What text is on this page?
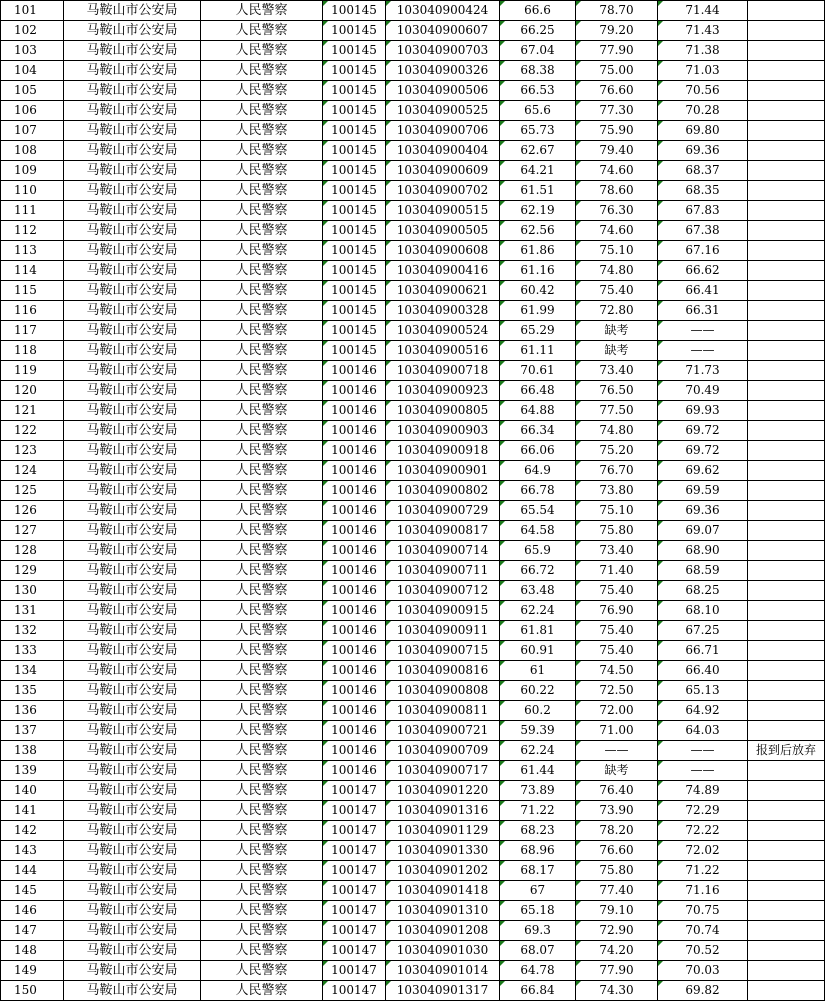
101	马鞍山市公安局	人民警察	100145	103040900424	66.6	78.70	71.44	
102	马鞍山市公安局	人民警察	100145	103040900607	66.25	79.20	71.43	
103	马鞍山市公安局	人民警察	100145	103040900703	67.04	77.90	71.38	
104	马鞍山市公安局	人民警察	100145	103040900326	68.38	75.00	71.03	
105	马鞍山市公安局	人民警察	100145	103040900506	66.53	76.60	70.56	
106	马鞍山市公安局	人民警察	100145	103040900525	65.6	77.30	70.28	
107	马鞍山市公安局	人民警察	100145	103040900706	65.73	75.90	69.80	
108	马鞍山市公安局	人民警察	100145	103040900404	62.67	79.40	69.36	
109	马鞍山市公安局	人民警察	100145	103040900609	64.21	74.60	68.37	
110	马鞍山市公安局	人民警察	100145	103040900702	61.51	78.60	68.35	
111	马鞍山市公安局	人民警察	100145	103040900515	62.19	76.30	67.83	
112	马鞍山市公安局	人民警察	100145	103040900505	62.56	74.60	67.38	
113	马鞍山市公安局	人民警察	100145	103040900608	61.86	75.10	67.16	
114	马鞍山市公安局	人民警察	100145	103040900416	61.16	74.80	66.62	
115	马鞍山市公安局	人民警察	100145	103040900621	60.42	75.40	66.41	
116	马鞍山市公安局	人民警察	100145	103040900328	61.99	72.80	66.31	
117	马鞍山市公安局	人民警察	100145	103040900524	65.29	缺考	——	
118	马鞍山市公安局	人民警察	100145	103040900516	61.11	缺考	——	
119	马鞍山市公安局	人民警察	100146	103040900718	70.61	73.40	71.73	
120	马鞍山市公安局	人民警察	100146	103040900923	66.48	76.50	70.49	
121	马鞍山市公安局	人民警察	100146	103040900805	64.88	77.50	69.93	
122	马鞍山市公安局	人民警察	100146	103040900903	66.34	74.80	69.72	
123	马鞍山市公安局	人民警察	100146	103040900918	66.06	75.20	69.72	
124	马鞍山市公安局	人民警察	100146	103040900901	64.9	76.70	69.62	
125	马鞍山市公安局	人民警察	100146	103040900802	66.78	73.80	69.59	
126	马鞍山市公安局	人民警察	100146	103040900729	65.54	75.10	69.36	
127	马鞍山市公安局	人民警察	100146	103040900817	64.58	75.80	69.07	
128	马鞍山市公安局	人民警察	100146	103040900714	65.9	73.40	68.90	
129	马鞍山市公安局	人民警察	100146	103040900711	66.72	71.40	68.59	
130	马鞍山市公安局	人民警察	100146	103040900712	63.48	75.40	68.25	
131	马鞍山市公安局	人民警察	100146	103040900915	62.24	76.90	68.10	
132	马鞍山市公安局	人民警察	100146	103040900911	61.81	75.40	67.25	
133	马鞍山市公安局	人民警察	100146	103040900715	60.91	75.40	66.71	
134	马鞍山市公安局	人民警察	100146	103040900816	61	74.50	66.40	
135	马鞍山市公安局	人民警察	100146	103040900808	60.22	72.50	65.13	
136	马鞍山市公安局	人民警察	100146	103040900811	60.2	72.00	64.92	
137	马鞍山市公安局	人民警察	100146	103040900721	59.39	71.00	64.03	
138	马鞍山市公安局	人民警察	100146	103040900709	62.24	——	——	报到后放弃
139	马鞍山市公安局	人民警察	100146	103040900717	61.44	缺考	——	
140	马鞍山市公安局	人民警察	100147	103040901220	73.89	76.40	74.89	
141	马鞍山市公安局	人民警察	100147	103040901316	71.22	73.90	72.29	
142	马鞍山市公安局	人民警察	100147	103040901129	68.23	78.20	72.22	
143	马鞍山市公安局	人民警察	100147	103040901330	68.96	76.60	72.02	
144	马鞍山市公安局	人民警察	100147	103040901202	68.17	75.80	71.22	
145	马鞍山市公安局	人民警察	100147	103040901418	67	77.40	71.16	
146	马鞍山市公安局	人民警察	100147	103040901310	65.18	79.10	70.75	
147	马鞍山市公安局	人民警察	100147	103040901208	69.3	72.90	70.74	
148	马鞍山市公安局	人民警察	100147	103040901030	68.07	74.20	70.52	
149	马鞍山市公安局	人民警察	100147	103040901014	64.78	77.90	70.03	
150	马鞍山市公安局	人民警察	100147	103040901317	66.84	74.30	69.82	
